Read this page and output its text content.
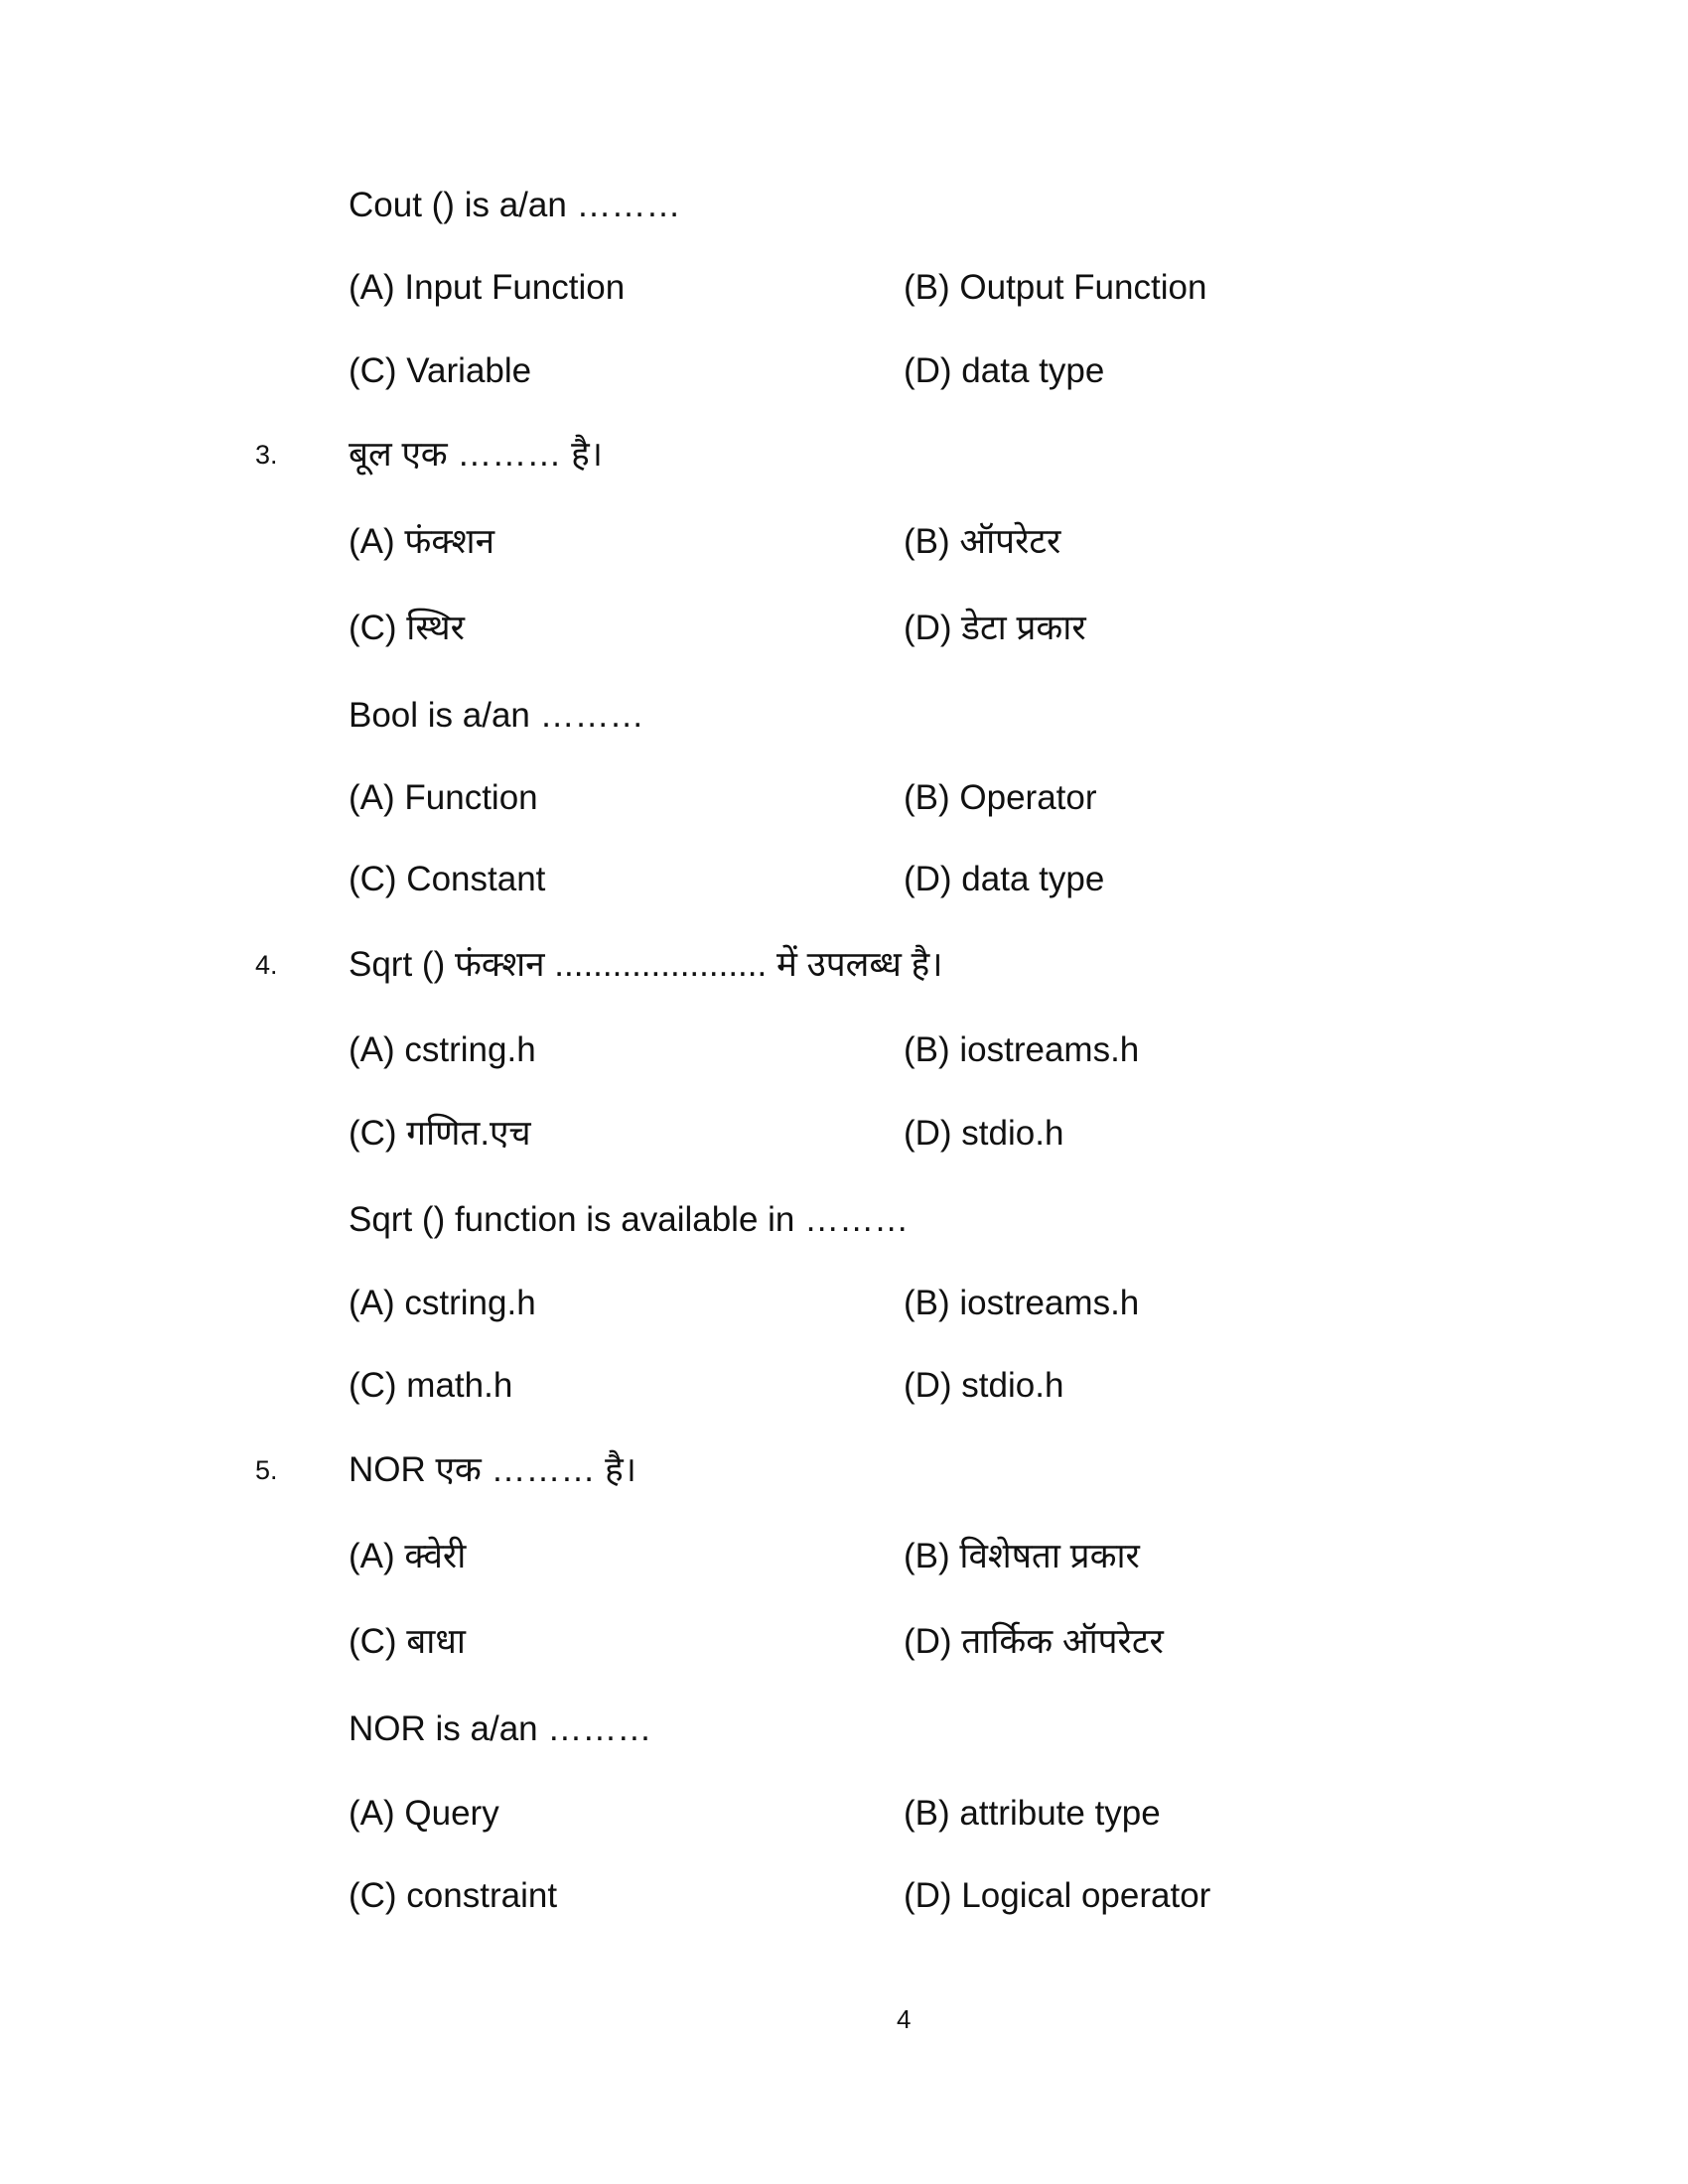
Cout () is a/an ………
(A) Input Function	(B) Output Function
(C) Variable	(D) data type
3. बूल एक ……… है।
(A) फंक्शन	(B) ऑपरेटर
(C) स्थिर	(D) डेटा प्रकार
Bool is a/an ………
(A) Function	(B) Operator
(C) Constant	(D) data type
4. Sqrt () फंक्शन ...................... में उपलब्ध है।
(A) cstring.h	(B) iostreams.h
(C) गणित.एच	(D) stdio.h
Sqrt () function is available in ………
(A) cstring.h	(B) iostreams.h
(C) math.h	(D) stdio.h
5. NOR एक ……… है।
(A) क्वेरी	(B) विशेषता प्रकार
(C) बाधा	(D) तार्किक ऑपरेटर
NOR is a/an ………
(A) Query	(B) attribute type
(C) constraint	(D) Logical operator
4
